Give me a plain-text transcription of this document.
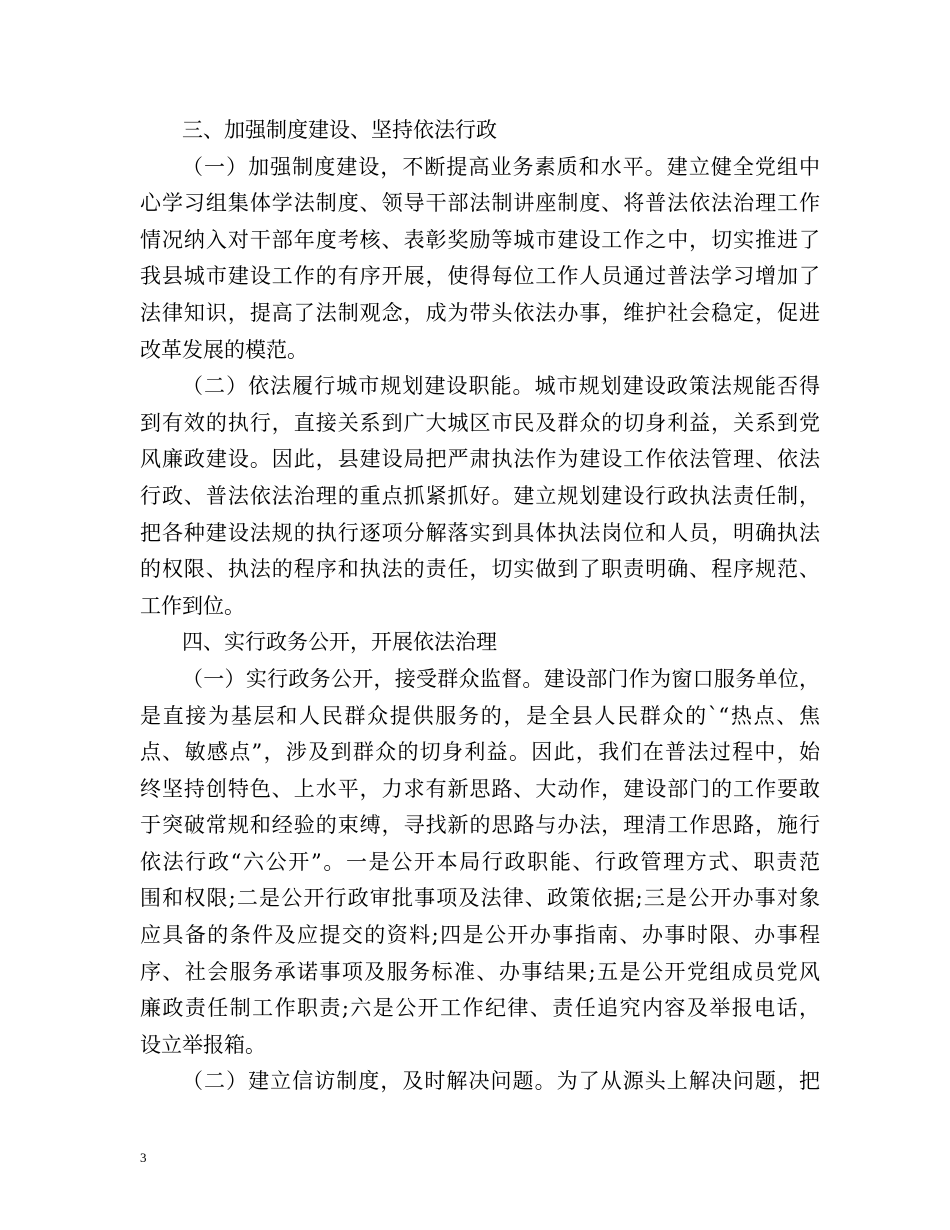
三、加强制度建设、坚持依法行政
（一）加强制度建设，不断提高业务素质和水平。建立健全党组中
心学习组集体学法制度、领导干部法制讲座制度、将普法依法治理工作
情况纳入对干部年度考核、表彰奖励等城市建设工作之中，切实推进了
我县城市建设工作的有序开展，使得每位工作人员通过普法学习增加了
法律知识，提高了法制观念，成为带头依法办事，维护社会稳定，促进
改革发展的模范。
（二）依法履行城市规划建设职能。城市规划建设政策法规能否得
到有效的执行，直接关系到广大城区市民及群众的切身利益，关系到党
风廉政建设。因此，县建设局把严肃执法作为建设工作依法管理、依法
行政、普法依法治理的重点抓紧抓好。建立规划建设行政执法责任制，
把各种建设法规的执行逐项分解落实到具体执法岗位和人员，明确执法
的权限、执法的程序和执法的责任，切实做到了职责明确、程序规范、
工作到位。
四、实行政务公开，开展依法治理
（一）实行政务公开，接受群众监督。建设部门作为窗口服务单位，
是直接为基层和人民群众提供服务的，是全县人民群众的`“热点、焦
点、敏感点”，涉及到群众的切身利益。因此，我们在普法过程中，始
终坚持创特色、上水平，力求有新思路、大动作，建设部门的工作要敢
于突破常规和经验的束缚，寻找新的思路与办法，理清工作思路，施行
依法行政“六公开”。一是公开本局行政职能、行政管理方式、职责范
围和权限;二是公开行政审批事项及法律、政策依据;三是公开办事对象
应具备的条件及应提交的资料;四是公开办事指南、办事时限、办事程
序、社会服务承诺事项及服务标准、办事结果;五是公开党组成员党风
廉政责任制工作职责;六是公开工作纪律、责任追究内容及举报电话，
设立举报箱。
（二）建立信访制度，及时解决问题。为了从源头上解决问题，把
3
